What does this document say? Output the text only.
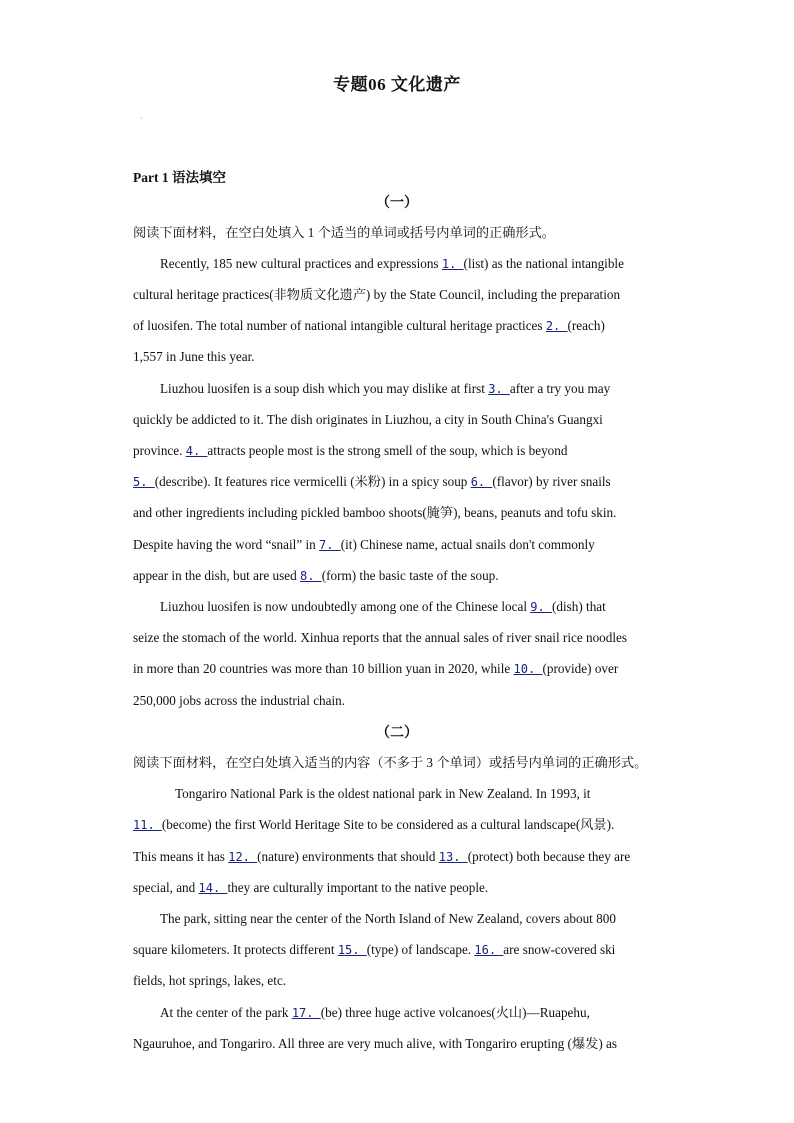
专题06 文化遗产
·
Part 1 语法填空
（一）
阅读下面材料，在空白处填入 1 个适当的单词或括号内单词的正确形式。
Recently, 185 new cultural practices and expressions 1. (list) as the national intangible
cultural heritage practices(非物质文化遗产) by the State Council, including the preparation
of luosifen. The total number of national intangible cultural heritage practices 2. (reach)
1,557 in June this year.
Liuzhou luosifen is a soup dish which you may dislike at first 3. after a try you may
quickly be addicted to it. The dish originates in Liuzhou, a city in South China's Guangxi
province. 4. attracts people most is the strong smell of the soup, which is beyond
5. (describe). It features rice vermicelli (米粉) in a spicy soup 6. (flavor) by river snails
and other ingredients including pickled bamboo shoots(腌笋), beans, peanuts and tofu skin.
Despite having the word “snail” in 7. (it) Chinese name, actual snails don't commonly
appear in the dish, but are used 8. (form) the basic taste of the soup.
Liuzhou luosifen is now undoubtedly among one of the Chinese local 9. (dish) that
seize the stomach of the world. Xinhua reports that the annual sales of river snail rice noodles
in more than 20 countries was more than 10 billion yuan in 2020, while 10. (provide) over
250,000 jobs across the industrial chain.
（二）
阅读下面材料，在空白处填入适当的内容（不多于 3 个单词）或括号内单词的正确形式。
Tongariro National Park is the oldest national park in New Zealand. In 1993, it
11. (become) the first World Heritage Site to be considered as a cultural landscape(风景).
This means it has 12. (nature) environments that should 13. (protect) both because they are
special, and 14. they are culturally important to the native people.
The park, sitting near the center of the North Island of New Zealand, covers about 800
square kilometers. It protects different 15. (type) of landscape. 16. are snow-covered ski
fields, hot springs, lakes, etc.
At the center of the park 17. (be) three huge active volcanoes(火山)—Ruapehu,
Ngauruhoe, and Tongariro. All three are very much alive, with Tongariro erupting (爆发) as
